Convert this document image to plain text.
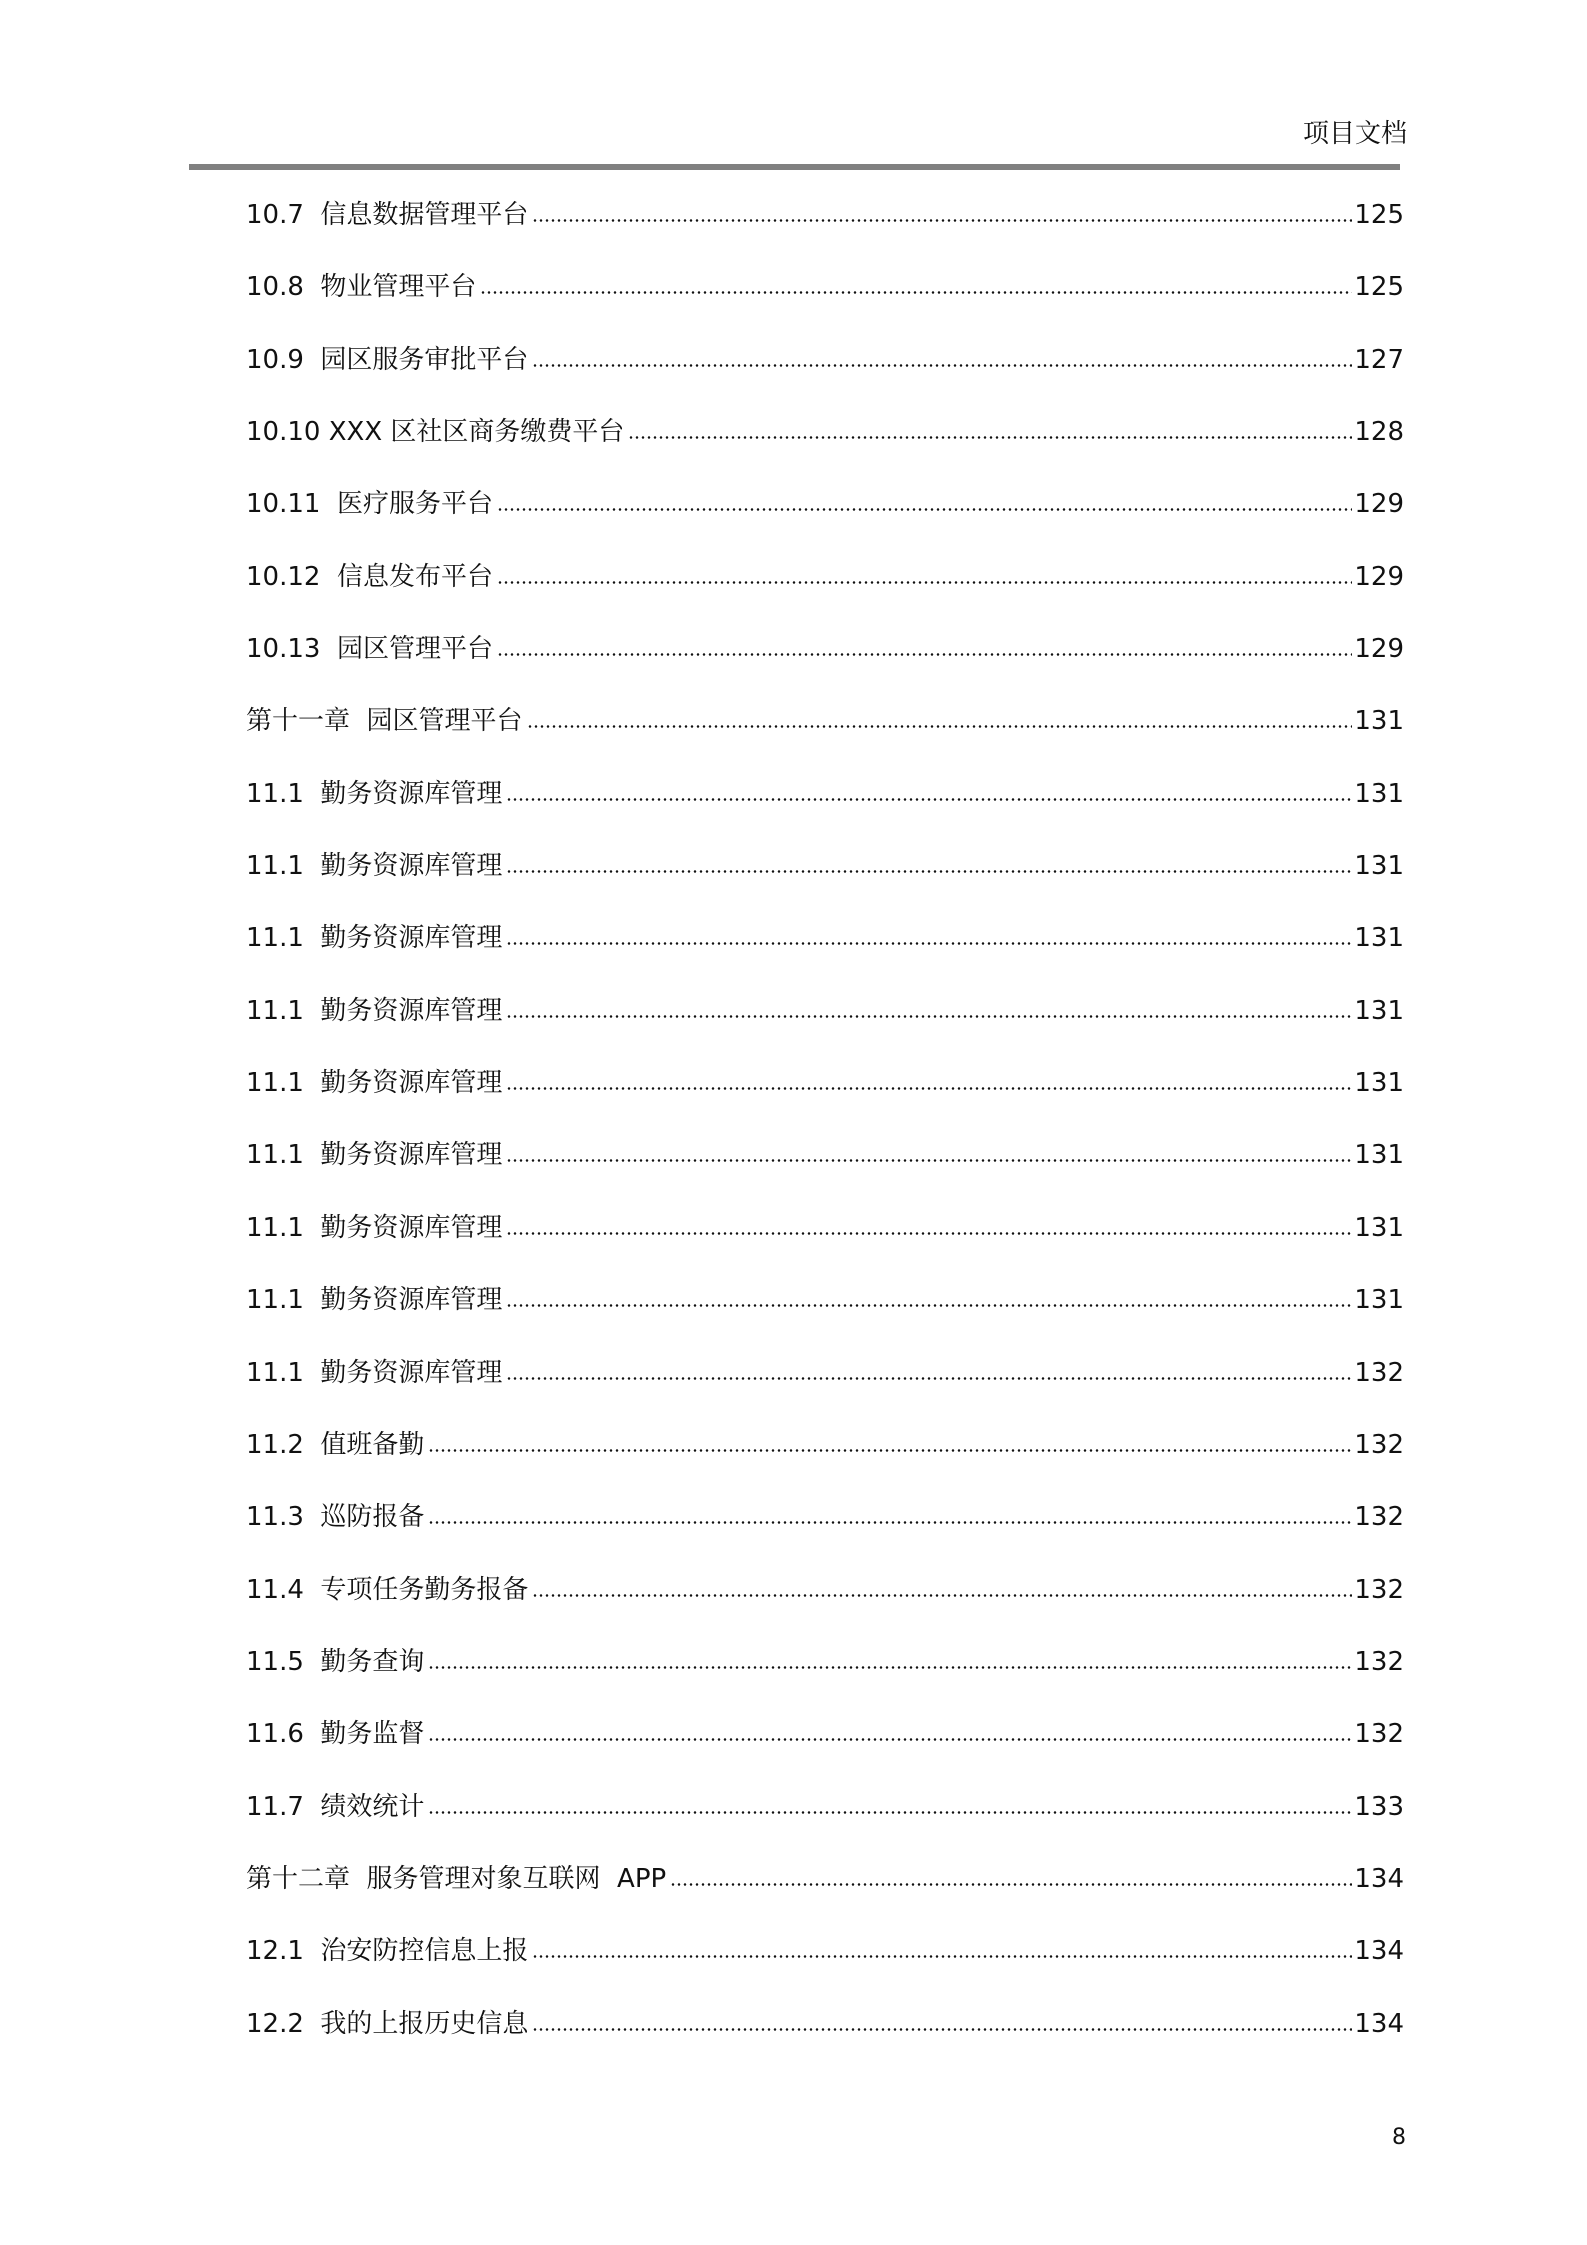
项目文档
10.7  信息数据管理平台	125
10.8  物业管理平台	125
10.9  园区服务审批平台	127
10.10 XXX 区社区商务缴费平台	128
10.11  医疗服务平台	129
10.12  信息发布平台	129
10.13  园区管理平台	129
第十一章  园区管理平台	131
11.1  勤务资源库管理	131
11.1  勤务资源库管理	131
11.1  勤务资源库管理	131
11.1  勤务资源库管理	131
11.1  勤务资源库管理	131
11.1  勤务资源库管理	131
11.1  勤务资源库管理	131
11.1  勤务资源库管理	131
11.1  勤务资源库管理	132
11.2  值班备勤	132
11.3  巡防报备	132
11.4  专项任务勤务报备	132
11.5  勤务查询	132
11.6  勤务监督	132
11.7  绩效统计	133
第十二章  服务管理对象互联网  APP	134
12.1  治安防控信息上报	134
12.2  我的上报历史信息	134
8
